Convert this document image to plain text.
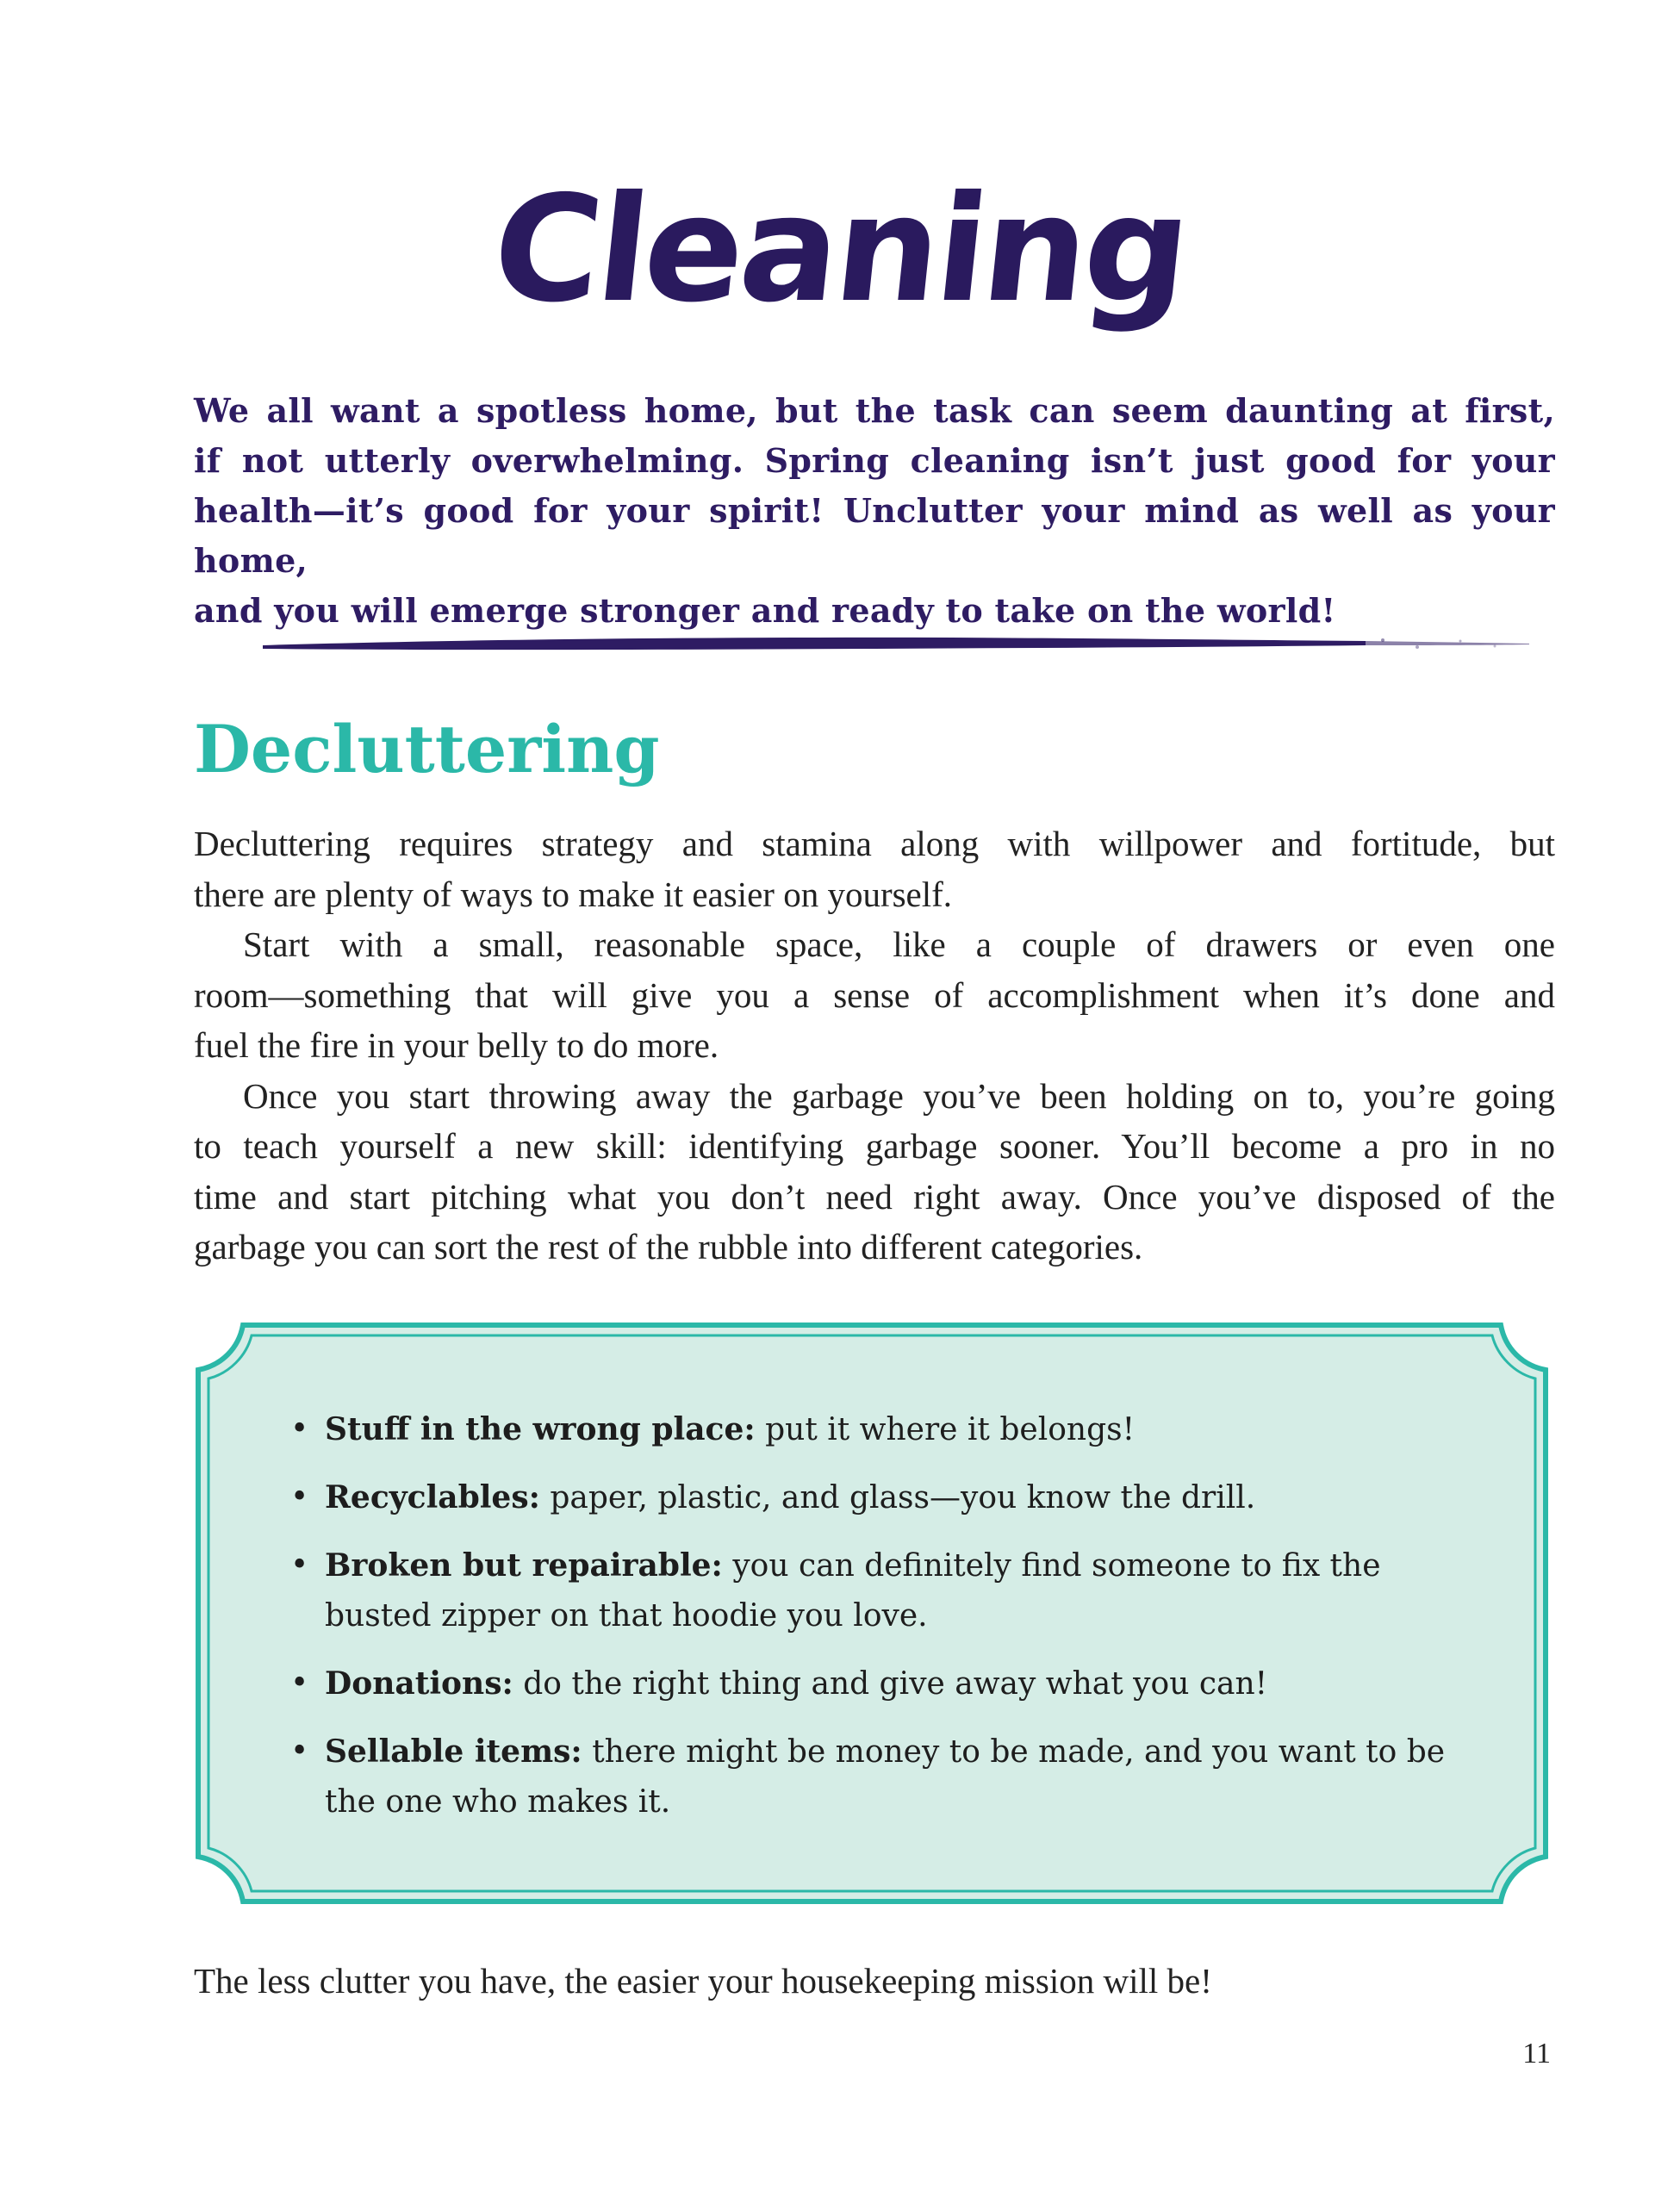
Cleaning

We all want a spotless home, but the task can seem daunting at first,
if not utterly overwhelming. Spring cleaning isn’t just good for your
health—it’s good for your spirit! Unclutter your mind as well as your home,
and you will emerge stronger and ready to take on the world!

Decluttering

Decluttering requires strategy and stamina along with willpower and fortitude, but
there are plenty of ways to make it easier on yourself.

Start with a small, reasonable space, like a couple of drawers or even one
room—something that will give you a sense of accomplishment when it’s done and
fuel the fire in your belly to do more.

Once you start throwing away the garbage you’ve been holding on to, you’re going
to teach yourself a new skill: identifying garbage sooner. You’ll become a pro in no
time and start pitching what you don’t need right away. Once you’ve disposed of the
garbage you can sort the rest of the rubble into different categories.

• Stuff in the wrong place: put it where it belongs!
• Recyclables: paper, plastic, and glass—you know the drill.
• Broken but repairable: you can definitely find someone to fix the busted zipper on that hoodie you love.
• Donations: do the right thing and give away what you can!
• Sellable items: there might be money to be made, and you want to be the one who makes it.

The less clutter you have, the easier your housekeeping mission will be!

11
